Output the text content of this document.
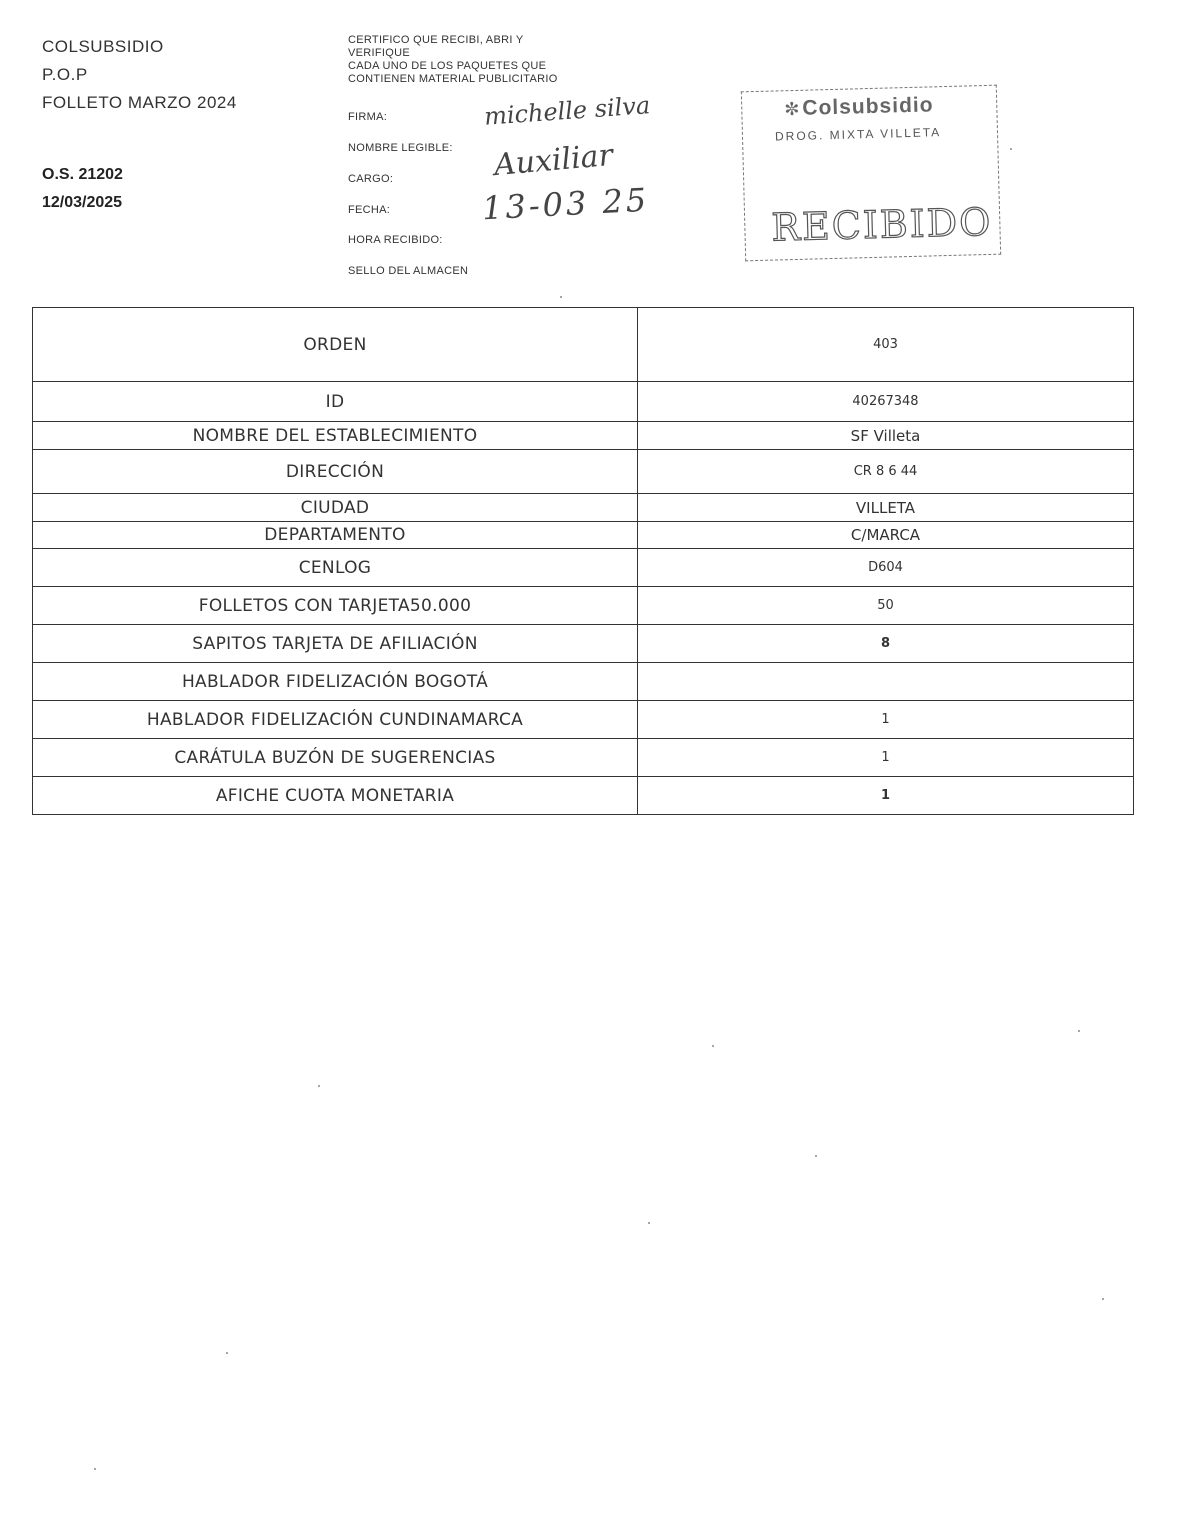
COLSUBSIDIO
P.O.P
FOLLETO MARZO 2024
O.S. 21202
12/03/2025
CERTIFICO QUE RECIBI, ABRI Y
VERIFIQUE
CADA UNO DE LOS PAQUETES QUE
CONTIENEN MATERIAL PUBLICITARIO
FIRMA:
NOMBRE LEGIBLE:
CARGO:
FECHA:
HORA RECIBIDO:
SELLO DEL ALMACEN
michelle silva
Auxiliar
13-03 25
✼Colsubsidio
DROG. MIXTA VILLETA
RECIBIDO
ORDEN	403
ID	40267348
NOMBRE DEL ESTABLECIMIENTO	SF Villeta
DIRECCIÓN	CR 8 6 44
CIUDAD	VILLETA
DEPARTAMENTO	C/MARCA
CENLOG	D604
FOLLETOS CON TARJETA50.000	50
SAPITOS TARJETA DE AFILIACIÓN	8
HABLADOR FIDELIZACIÓN BOGOTÁ	
HABLADOR FIDELIZACIÓN CUNDINAMARCA	1
CARÁTULA BUZÓN DE SUGERENCIAS	1
AFICHE CUOTA MONETARIA	1
